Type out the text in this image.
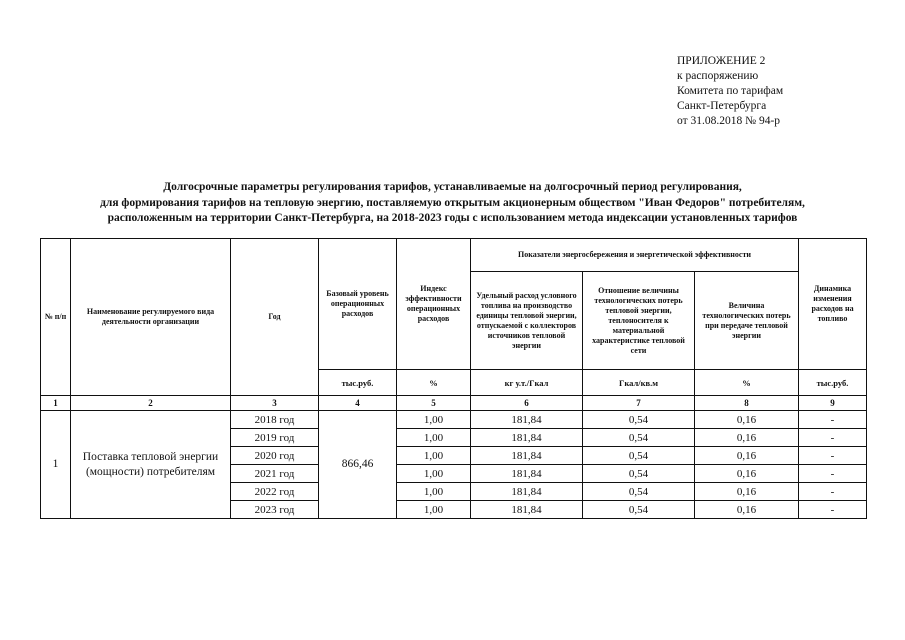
ПРИЛОЖЕНИЕ 2
к распоряжению
Комитета по тарифам
Санкт-Петербурга
от 31.08.2018 № 94-р
Долгосрочные параметры регулирования тарифов, устанавливаемые на долгосрочный период регулирования,
для формирования тарифов на тепловую энергию, поставляемую открытым акционерным обществом "Иван Федоров" потребителям,
расположенным на территории Санкт-Петербурга, на 2018-2023 годы с использованием метода индексации установленных тарифов
№ п/п	Наименование регулируемого вида деятельности организации	Год	Базовый уровень операционных расходов	Индекс эффективности операционных расходов	Показатели энергосбережения и энергетической эффективности			Динамика изменения расходов на топливо
					Удельный расход условного топлива на производство единицы тепловой энергии, отпускаемой с коллекторов источников тепловой энергии	Отношение величины технологических потерь тепловой энергии, теплоносителя к материальной характеристике тепловой сети	Величина технологических потерь при передаче тепловой энергии	
			тыс.руб.	%	кг у.т./Гкал	Гкал/кв.м	%	тыс.руб.
1	2	3	4	5	6	7	8	9
1	Поставка тепловой энергии (мощности) потребителям	2018 год	866,46	1,00	181,84	0,54	0,16	-
		2019 год		1,00	181,84	0,54	0,16	-
		2020 год		1,00	181,84	0,54	0,16	-
		2021 год		1,00	181,84	0,54	0,16	-
		2022 год		1,00	181,84	0,54	0,16	-
		2023 год		1,00	181,84	0,54	0,16	-
